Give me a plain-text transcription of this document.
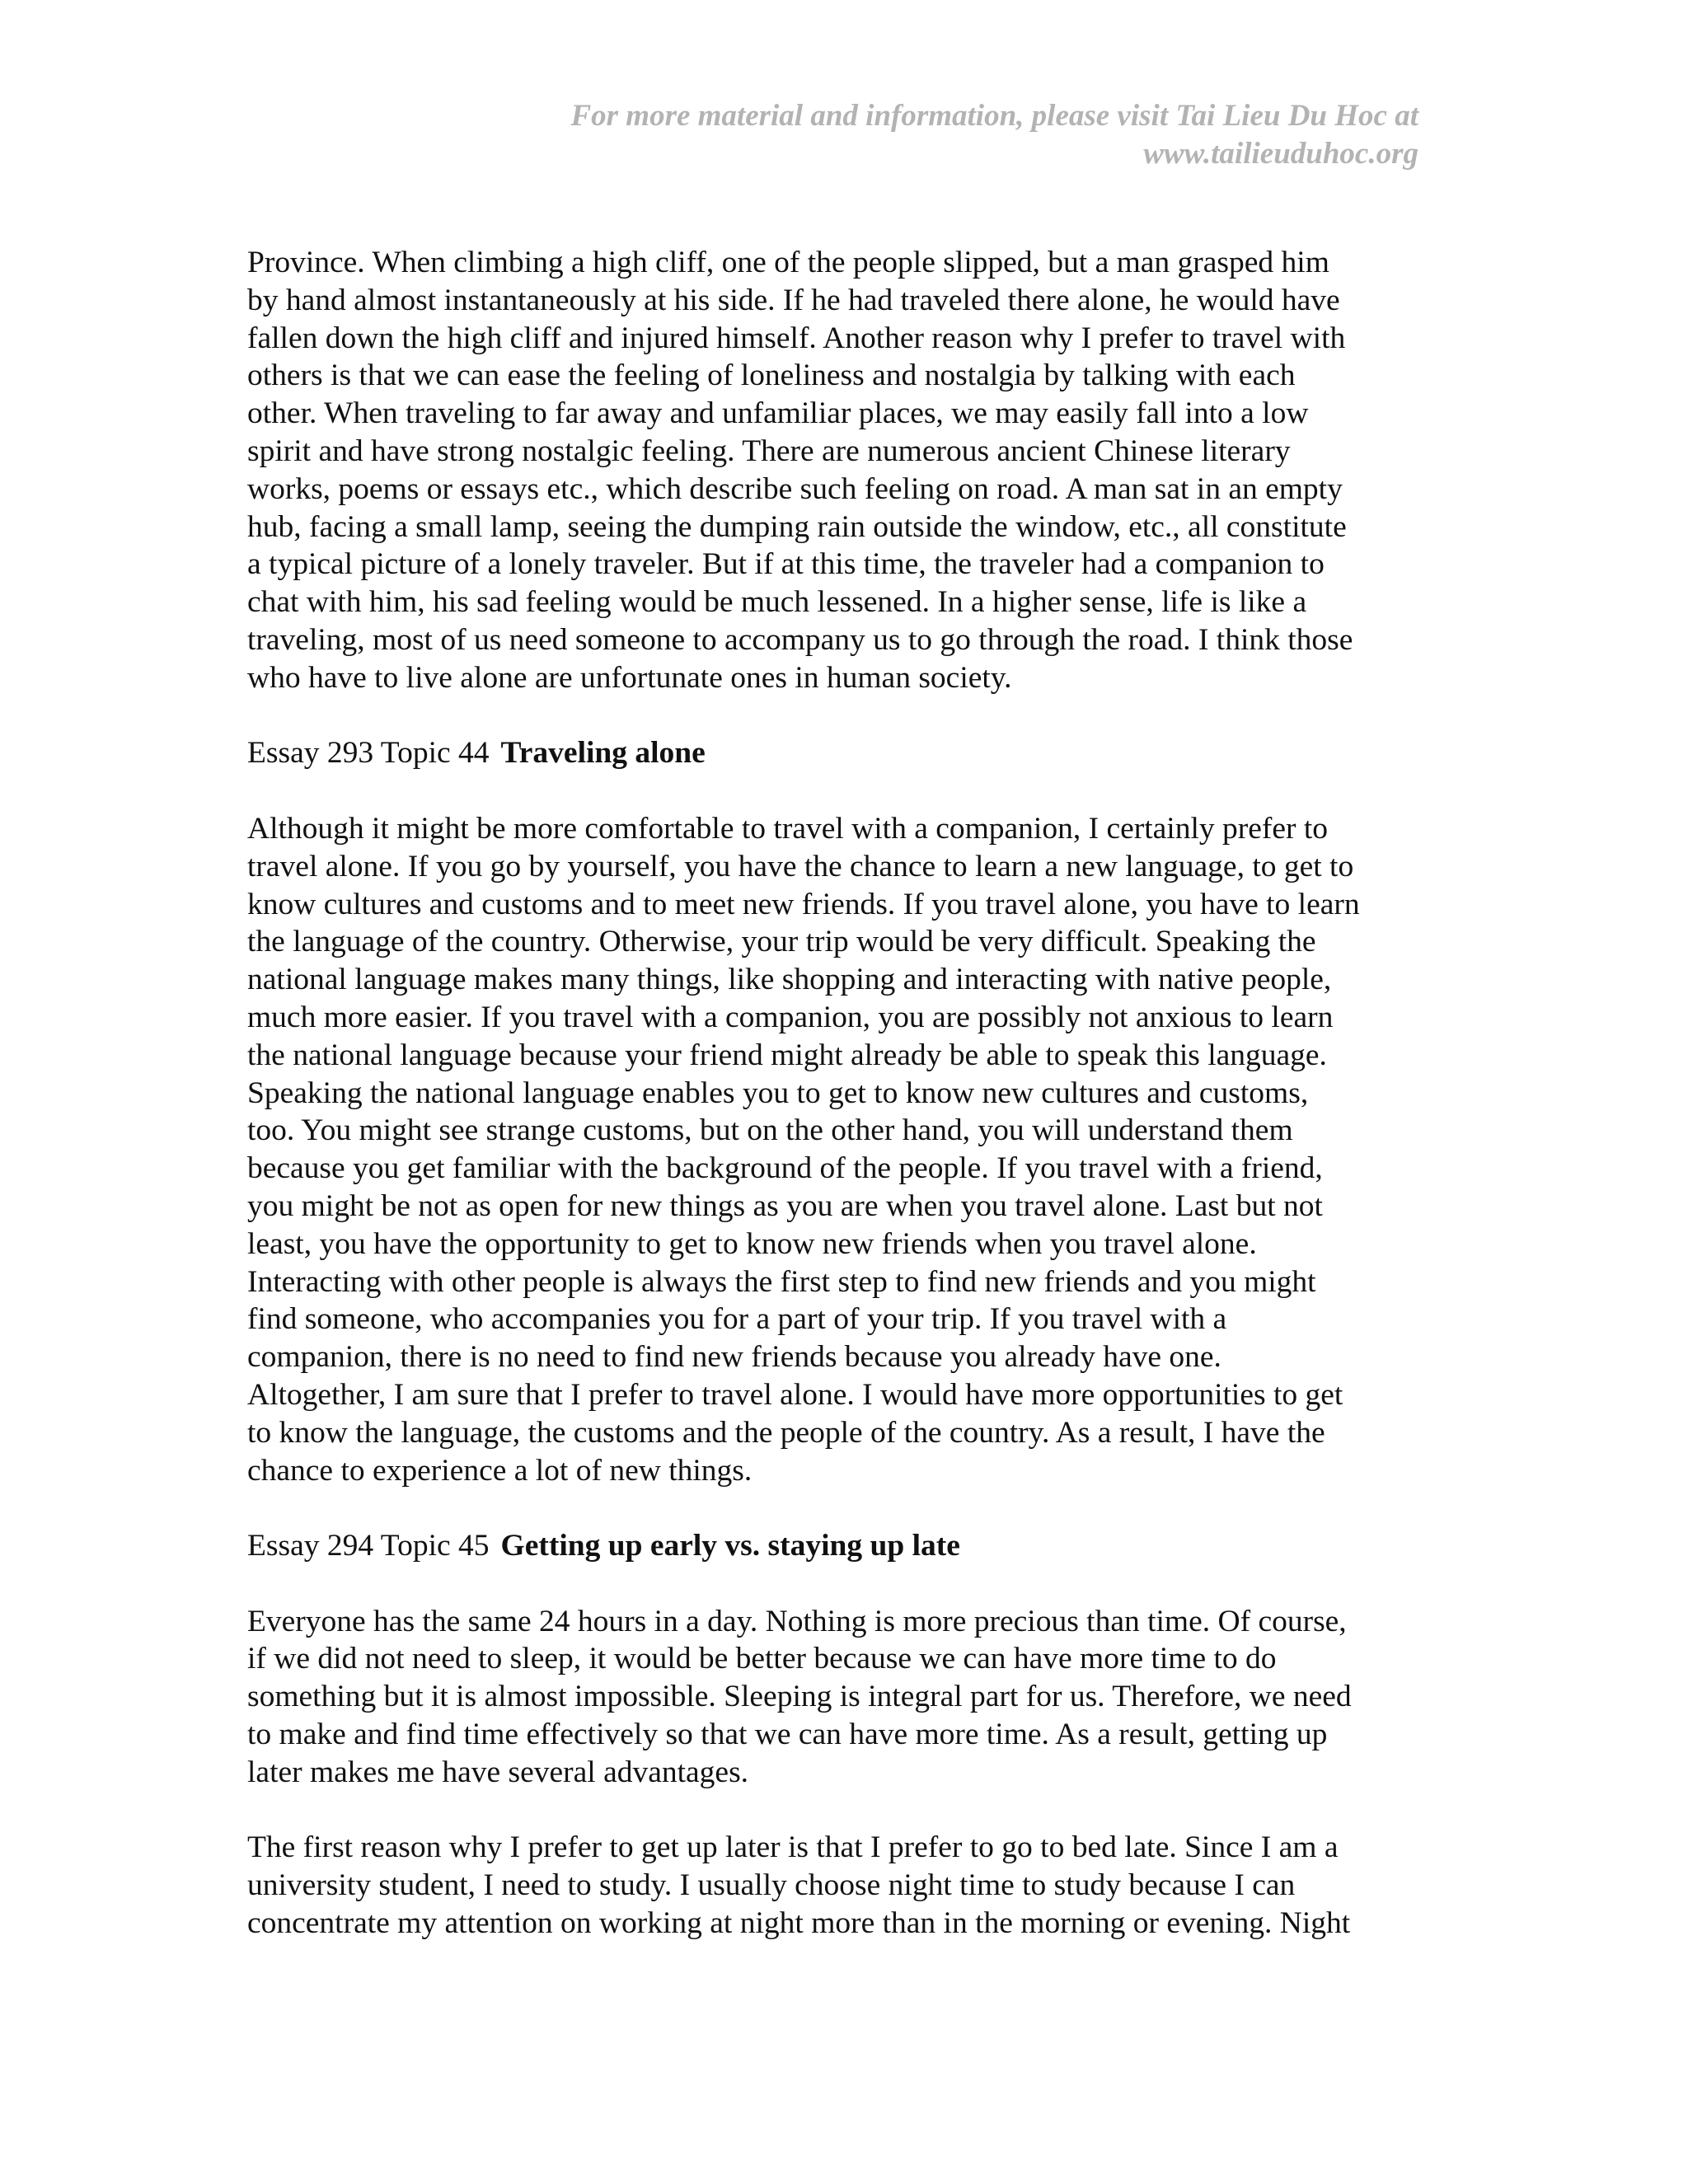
For more material and information, please visit Tai Lieu Du Hoc at
www.tailieuduhoc.org
Province. When climbing a high cliff, one of the people slipped, but a man grasped him
by hand almost instantaneously at his side. If he had traveled there alone, he would have
fallen down the high cliff and injured himself. Another reason why I prefer to travel with
others is that we can ease the feeling of loneliness and nostalgia by talking with each
other. When traveling to far away and unfamiliar places, we may easily fall into a low
spirit and have strong nostalgic feeling. There are numerous ancient Chinese literary
works, poems or essays etc., which describe such feeling on road. A man sat in an empty
hub, facing a small lamp, seeing the dumping rain outside the window, etc., all constitute
a typical picture of a lonely traveler. But if at this time, the traveler had a companion to
chat with him, his sad feeling would be much lessened. In a higher sense, life is like a
traveling, most of us need someone to accompany us to go through the road. I think those
who have to live alone are unfortunate ones in human society.
Essay 293 Topic 44 Traveling alone
Although it might be more comfortable to travel with a companion, I certainly prefer to
travel alone. If you go by yourself, you have the chance to learn a new language, to get to
know cultures and customs and to meet new friends. If you travel alone, you have to learn
the language of the country. Otherwise, your trip would be very difficult. Speaking the
national language makes many things, like shopping and interacting with native people,
much more easier. If you travel with a companion, you are possibly not anxious to learn
the national language because your friend might already be able to speak this language.
Speaking the national language enables you to get to know new cultures and customs,
too. You might see strange customs, but on the other hand, you will understand them
because you get familiar with the background of the people. If you travel with a friend,
you might be not as open for new things as you are when you travel alone. Last but not
least, you have the opportunity to get to know new friends when you travel alone.
Interacting with other people is always the first step to find new friends and you might
find someone, who accompanies you for a part of your trip. If you travel with a
companion, there is no need to find new friends because you already have one.
Altogether, I am sure that I prefer to travel alone. I would have more opportunities to get
to know the language, the customs and the people of the country. As a result, I have the
chance to experience a lot of new things.
Essay 294 Topic 45 Getting up early vs. staying up late
Everyone has the same 24 hours in a day. Nothing is more precious than time. Of course,
if we did not need to sleep, it would be better because we can have more time to do
something but it is almost impossible. Sleeping is integral part for us. Therefore, we need
to make and find time effectively so that we can have more time. As a result, getting up
later makes me have several advantages.
The first reason why I prefer to get up later is that I prefer to go to bed late. Since I am a
university student, I need to study. I usually choose night time to study because I can
concentrate my attention on working at night more than in the morning or evening. Night
